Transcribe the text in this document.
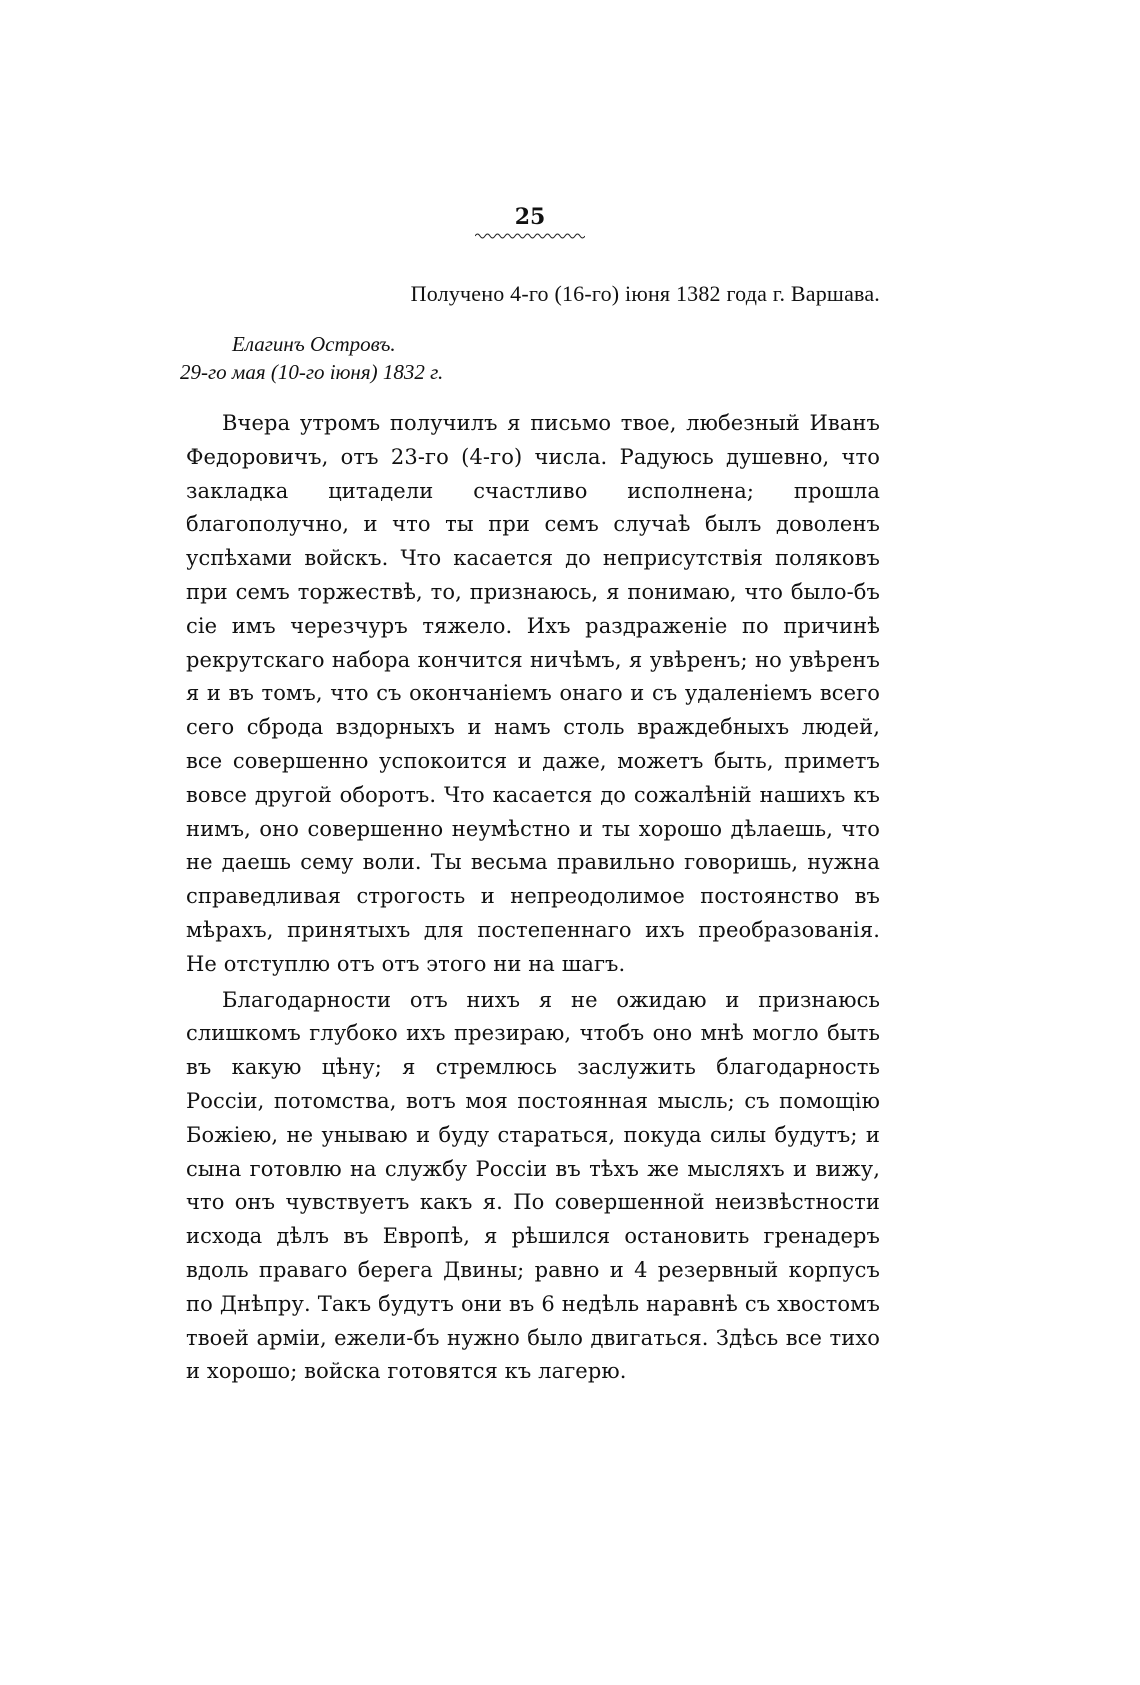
25
Получено 4-го (16-го) iюня 1382 года г. Варшава.
Елагинъ Островъ.
29-го мая (10-го iюня) 1832 г.

Вчера утромъ получилъ я письмо твое, любезный Иванъ Федоровичъ, отъ 23-го (4-го) числа. Радуюсь душевно, что закладка цитадели счастливо исполнена; прошла благополучно, и что ты при семъ случаѣ былъ доволенъ успѣхами войскъ. Что касается до неприсутствiя поляковъ при семъ торжествѣ, то, признаюсь, я понимаю, что было-бъ сiе имъ черезчуръ тяжело. Ихъ раздраженiе по причинѣ рекрутскаго набора кончится ничѣмъ, я увѣренъ; но увѣренъ я и въ томъ, что съ окончанiемъ онаго и съ удаленiемъ всего сего сброда вздорныхъ и намъ столь враждебныхъ людей, все совершенно успокоится и даже, можетъ быть, приметъ вовсе другой оборотъ. Что касается до сожалѣнiй нашихъ къ нимъ, оно совершенно неумѣстно и ты хорошо дѣлаешь, что не даешь сему воли. Ты весьма правильно говоришь, нужна справедливая строгость и непреодолимое постоянство въ мѣрахъ, принятыхъ для постепеннаго ихъ преобразованiя. Не отступлю отъ отъ этого ни на шагъ.

Благодарности отъ нихъ я не ожидаю и признаюсь слишкомъ глубоко ихъ презираю, чтобъ оно мнѣ могло быть въ какую цѣну; я стремлюсь заслужить благодарность Россiи, потомства, вотъ моя постоянная мысль; съ помощiю Божiею, не унываю и буду стараться, покуда силы будутъ; и сына готовлю на службу Россiи въ тѣхъ же мысляхъ и вижу, что онъ чувствуетъ какъ я. По совершенной неизвѣстности исхода дѣлъ въ Европѣ, я рѣшился остановить гренадеръ вдоль праваго берега Двины; равно и 4 резервный корпусъ по Днѣпру. Такъ будутъ они въ 6 недѣль наравнѣ съ хвостомъ твоей армiи, ежели-бъ нужно было двигаться. Здѣсь все тихо и хорошо; войска готовятся къ лагерю.
